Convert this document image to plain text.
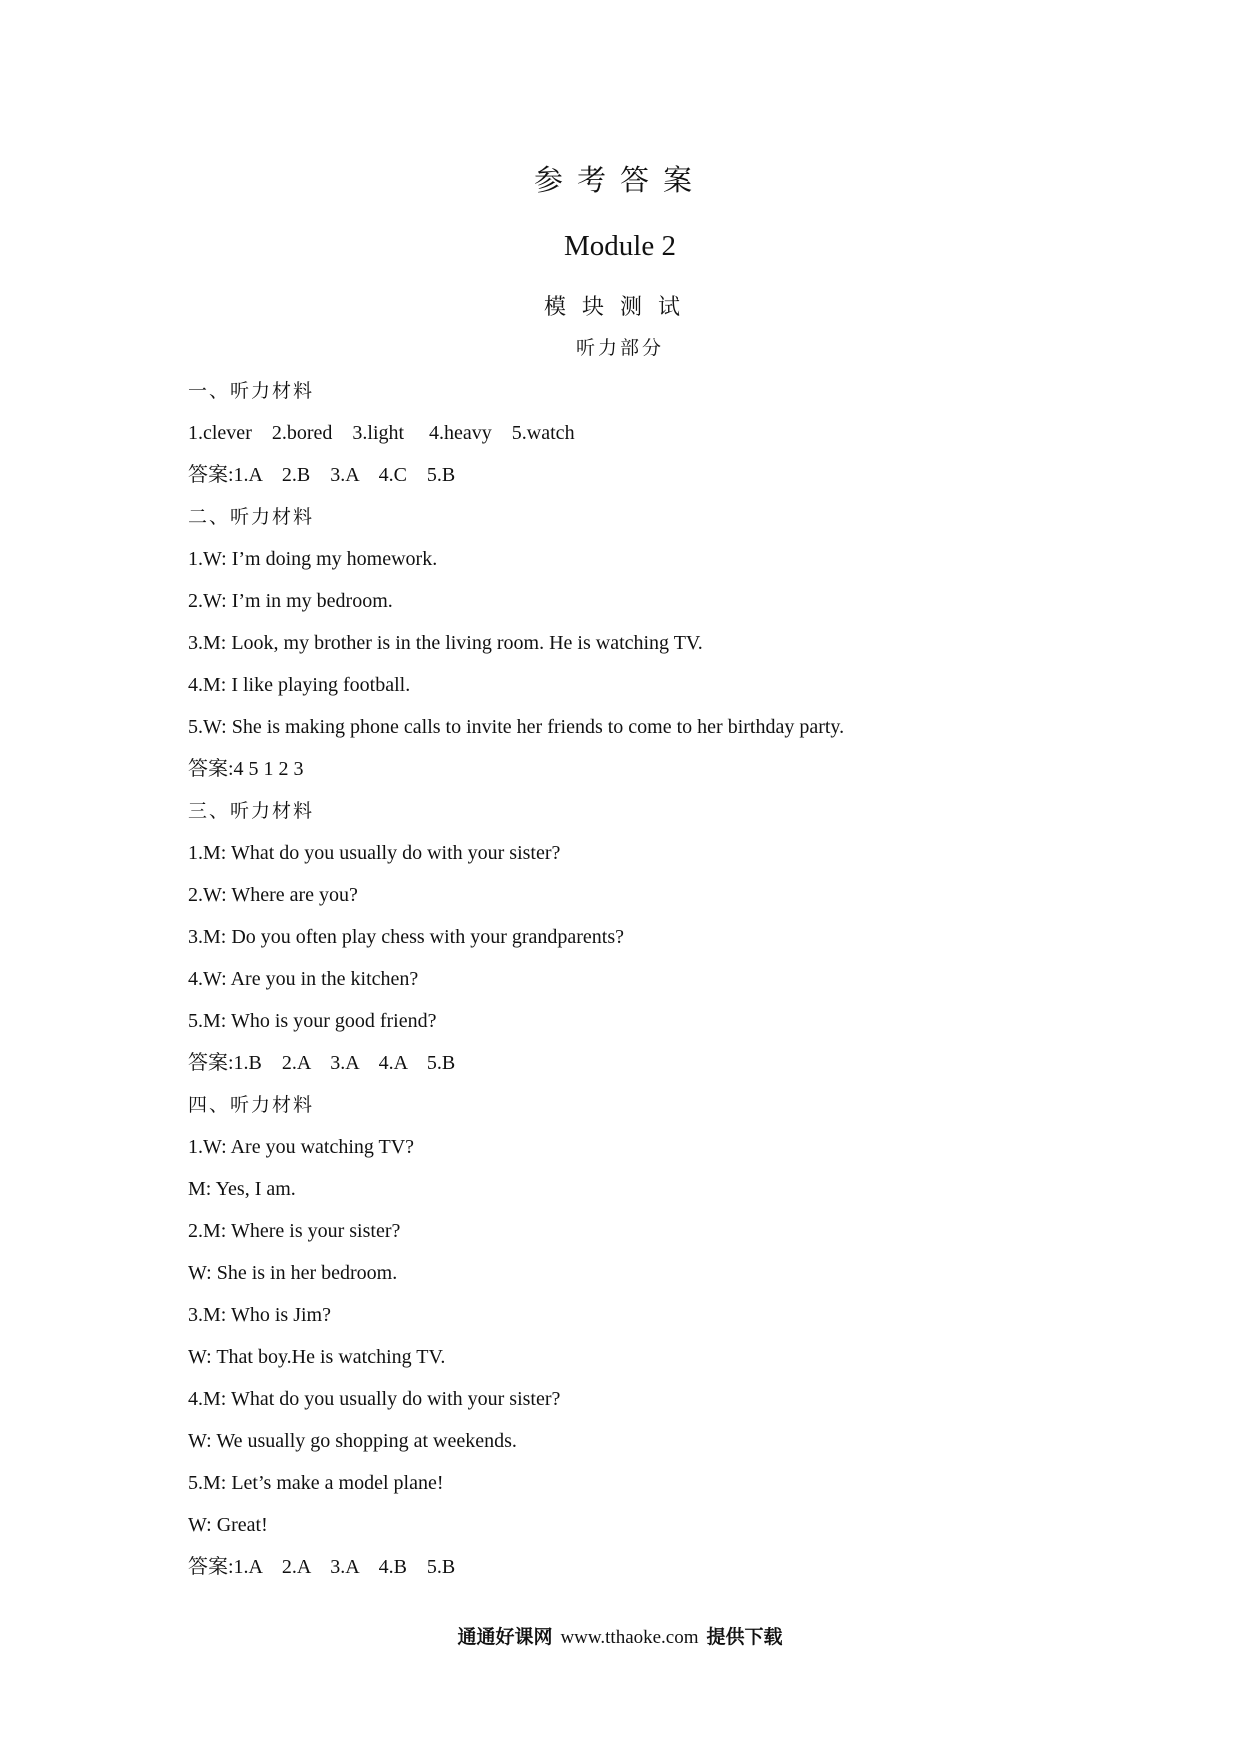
参考答案
Module 2
模块测试
听力部分
一、听力材料
1.clever    2.bored    3.light     4.heavy    5.watch
答案:1.A    2.B    3.A    4.C    5.B
二、听力材料
1.W: I’m doing my homework.
2.W: I’m in my bedroom.
3.M: Look, my brother is in the living room. He is watching TV.
4.M: I like playing football.
5.W: She is making phone calls to invite her friends to come to her birthday party.
答案:4 5 1 2 3
三、听力材料
1.M: What do you usually do with your sister?
2.W: Where are you?
3.M: Do you often play chess with your grandparents?
4.W: Are you in the kitchen?
5.M: Who is your good friend?
答案:1.B    2.A    3.A    4.A    5.B
四、听力材料
1.W: Are you watching TV?
M: Yes, I am.
2.M: Where is your sister?
W: She is in her bedroom.
3.M: Who is Jim?
W: That boy.He is watching TV.
4.M: What do you usually do with your sister?
W: We usually go shopping at weekends.
5.M: Let’s make a model plane!
W: Great!
答案:1.A    2.A    3.A    4.B    5.B
通通好课网 www.tthaoke.com 提供下载
